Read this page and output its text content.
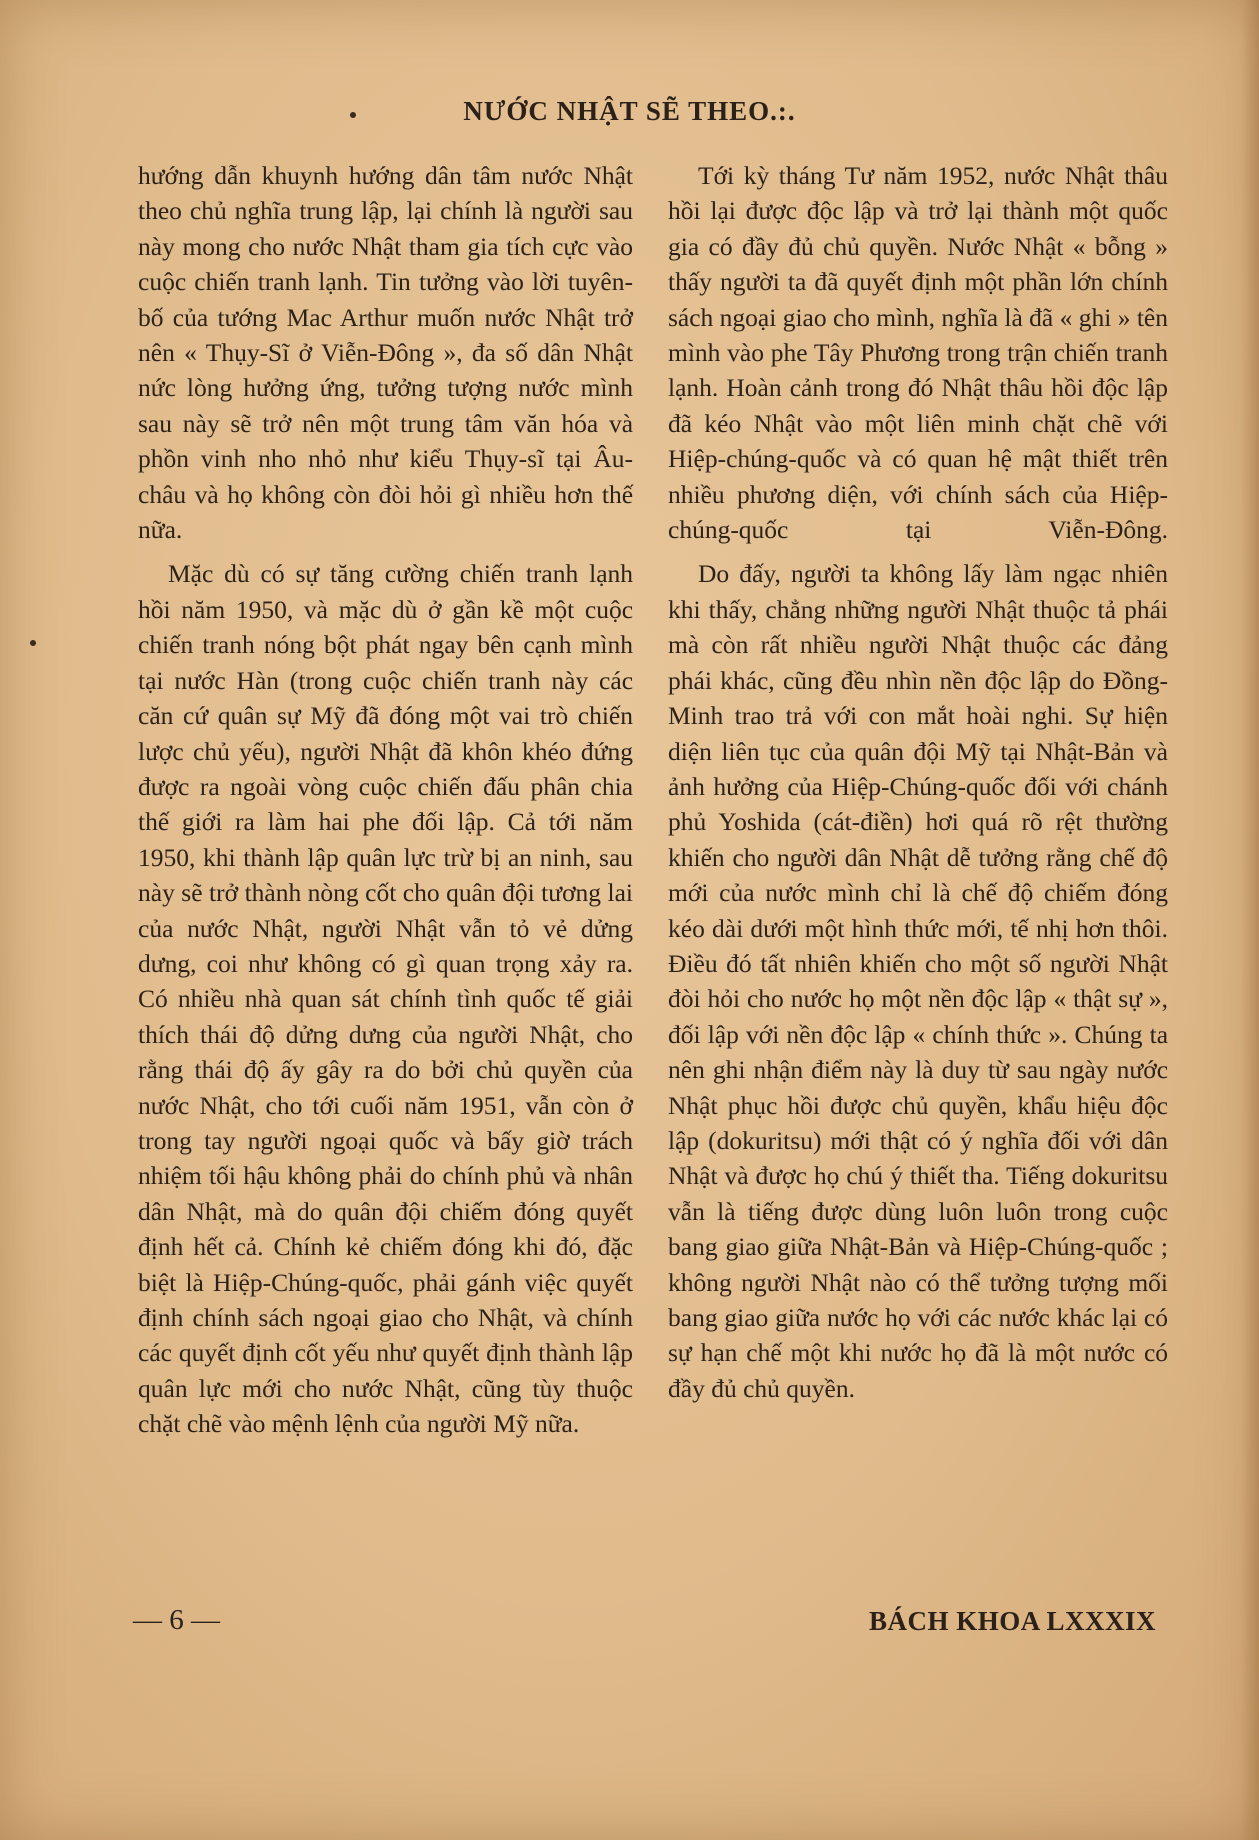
NƯỚC NHẬT SẼ THEO.:.

hướng dẫn khuynh hướng dân tâm nước Nhật theo chủ nghĩa trung lập, lại chính là người sau này mong cho nước Nhật tham gia tích cực vào cuộc chiến tranh lạnh. Tin tưởng vào lời tuyên-bố của tướng Mac Arthur muốn nước Nhật trở nên « Thụy-Sĩ ở Viễn-Đông », đa số dân Nhật nức lòng hưởng ứng, tưởng tượng nước mình sau này sẽ trở nên một trung tâm văn hóa và phồn vinh nho nhỏ như kiểu Thụy-sĩ tại Âu-châu và họ không còn đòi hỏi gì nhiều hơn thế nữa.

Mặc dù có sự tăng cường chiến tranh lạnh hồi năm 1950, và mặc dù ở gần kề một cuộc chiến tranh nóng bột phát ngay bên cạnh mình tại nước Hàn (trong cuộc chiến tranh này các căn cứ quân sự Mỹ đã đóng một vai trò chiến lược chủ yếu), người Nhật đã khôn khéo đứng được ra ngoài vòng cuộc chiến đấu phân chia thế giới ra làm hai phe đối lập. Cả tới năm 1950, khi thành lập quân lực trừ bị an ninh, sau này sẽ trở thành nòng cốt cho quân đội tương lai của nước Nhật, người Nhật vẫn tỏ vẻ dửng dưng, coi như không có gì quan trọng xảy ra. Có nhiều nhà quan sát chính tình quốc tế giải thích thái độ dửng dưng của người Nhật, cho rằng thái độ ấy gây ra do bởi chủ quyền của nước Nhật, cho tới cuối năm 1951, vẫn còn ở trong tay người ngoại quốc và bấy giờ trách nhiệm tối hậu không phải do chính phủ và nhân dân Nhật, mà do quân đội chiếm đóng quyết định hết cả. Chính kẻ chiếm đóng khi đó, đặc biệt là Hiệp-Chúng-quốc, phải gánh việc quyết định chính sách ngoại giao cho Nhật, và chính các quyết định cốt yếu như quyết định thành lập quân lực mới cho nước Nhật, cũng tùy thuộc chặt chẽ vào mệnh lệnh của người Mỹ nữa.

Tới kỳ tháng Tư năm 1952, nước Nhật thâu hồi lại được độc lập và trở lại thành một quốc gia có đầy đủ chủ quyền. Nước Nhật « bỗng » thấy người ta đã quyết định một phần lớn chính sách ngoại giao cho mình, nghĩa là đã « ghi » tên mình vào phe Tây Phương trong trận chiến tranh lạnh. Hoàn cảnh trong đó Nhật thâu hồi độc lập đã kéo Nhật vào một liên minh chặt chẽ với Hiệp-chúng-quốc và có quan hệ mật thiết trên nhiều phương diện, với chính sách của Hiệp-chúng-quốc tại Viễn-Đông.

Do đấy, người ta không lấy làm ngạc nhiên khi thấy, chẳng những người Nhật thuộc tả phái mà còn rất nhiều người Nhật thuộc các đảng phái khác, cũng đều nhìn nền độc lập do Đồng-Minh trao trả với con mắt hoài nghi. Sự hiện diện liên tục của quân đội Mỹ tại Nhật-Bản và ảnh hưởng của Hiệp-Chúng-quốc đối với chánh phủ Yoshida (cát-điền) hơi quá rõ rệt thường khiến cho người dân Nhật dễ tưởng rằng chế độ mới của nước mình chỉ là chế độ chiếm đóng kéo dài dưới một hình thức mới, tế nhị hơn thôi. Điều đó tất nhiên khiến cho một số người Nhật đòi hỏi cho nước họ một nền độc lập « thật sự », đối lập với nền độc lập « chính thức ». Chúng ta nên ghi nhận điểm này là duy từ sau ngày nước Nhật phục hồi được chủ quyền, khẩu hiệu độc lập (dokuritsu) mới thật có ý nghĩa đối với dân Nhật và được họ chú ý thiết tha. Tiếng dokuritsu vẫn là tiếng được dùng luôn luôn trong cuộc bang giao giữa Nhật-Bản và Hiệp-Chúng-quốc ; không người Nhật nào có thể tưởng tượng mối bang giao giữa nước họ với các nước khác lại có sự hạn chế một khi nước họ đã là một nước có đầy đủ chủ quyền.

— 6 —	BÁCH KHOA LXXXIX
